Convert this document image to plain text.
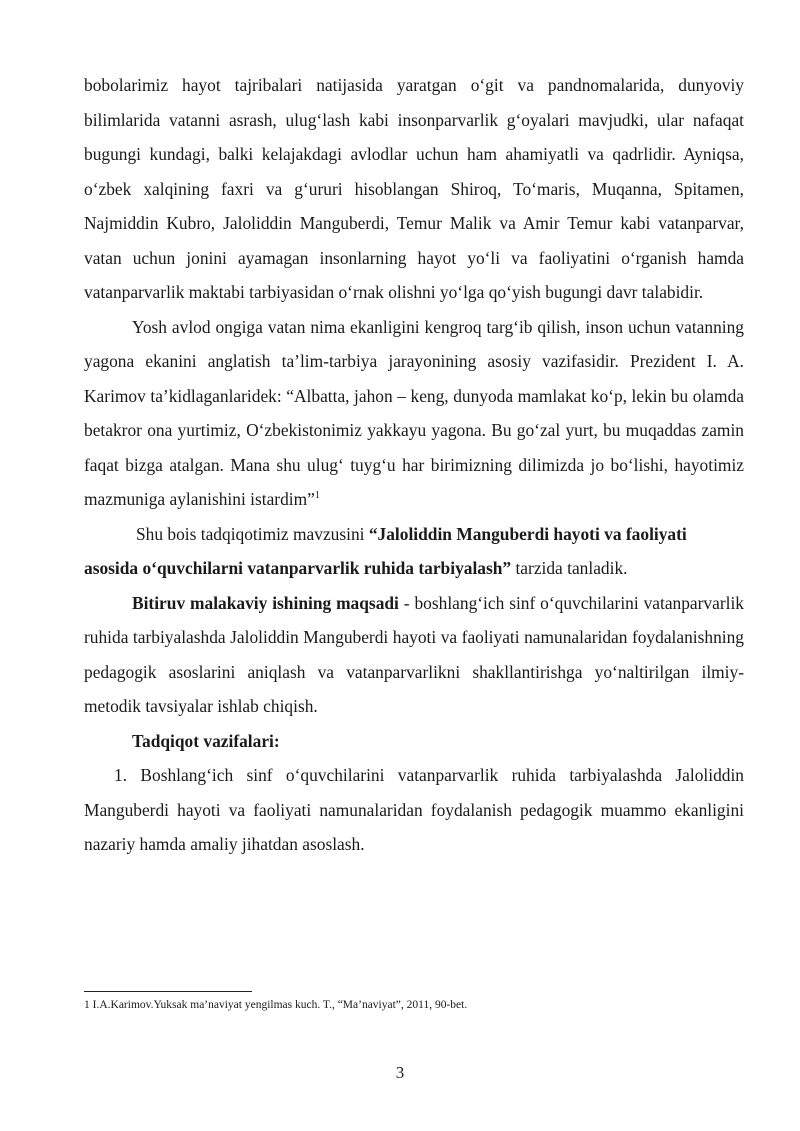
bobolarimiz hayot tajribalari natijasida yaratgan o‘git va pandnomalarida, dunyoviy bilimlarida vatanni asrash, ulug‘lash kabi insonparvarlik g‘oyalari mavjudki, ular nafaqat bugungi kundagi, balki kelajakdagi avlodlar uchun ham ahamiyatli va qadrlidir. Ayniqsa, o‘zbek xalqining faxri va g‘ururi hisoblangan Shiroq, To‘maris, Muqanna, Spitamen, Najmiddin Kubro, Jaloliddin Manguberdi, Temur Malik va Amir Temur kabi vatanparvar, vatan uchun jonini ayamagan insonlarning hayot yo‘li va faoliyatini o‘rganish hamda vatanparvarlik maktabi tarbiyasidan o‘rnak olishni yo‘lga qo‘yish bugungi davr talabidir.

Yosh avlod ongiga vatan nima ekanligini kengroq targ‘ib qilish, inson uchun vatanning yagona ekanini anglatish ta’lim-tarbiya jarayonining asosiy vazifasidir. Prezident I. A. Karimov ta’kidlaganlaridek: “Albatta, jahon – keng, dunyoda mamlakat ko‘p, lekin bu olamda betakror ona yurtimiz, O‘zbekistonimiz yakkayu yagona. Bu go‘zal yurt, bu muqaddas zamin faqat bizga atalgan. Mana shu ulug‘ tuyg‘u har birimizning dilimizda jo bo‘lishi, hayotimiz mazmuniga aylanishini istardim”$^1$

Shu bois tadqiqotimiz mavzusini “Jaloliddin Manguberdi hayoti va faoliyati asosida o‘quvchilarni vatanparvarlik ruhida tarbiyalash” tarzida tanladik.

Bitiruv malakaviy ishining maqsadi - boshlang‘ich sinf o‘quvchilarini vatanparvarlik ruhida tarbiyalashda Jaloliddin Manguberdi hayoti va faoliyati namunalaridan foydalanishning pedagogik asoslarini aniqlash va vatanparvarlikni shakllantirishga yo‘naltirilgan ilmiy-metodik tavsiyalar ishlab chiqish.

Tadqiqot vazifalari:

1. Boshlang‘ich sinf o‘quvchilarini vatanparvarlik ruhida tarbiyalashda Jaloliddin Manguberdi hayoti va faoliyati namunalaridan foydalanish pedagogik muammo ekanligini nazariy hamda amaliy jihatdan asoslash.

1 I.A.Karimov.Yuksak ma’naviyat yengilmas kuch. T., “Ma’naviyat”, 2011, 90-bet.
3
